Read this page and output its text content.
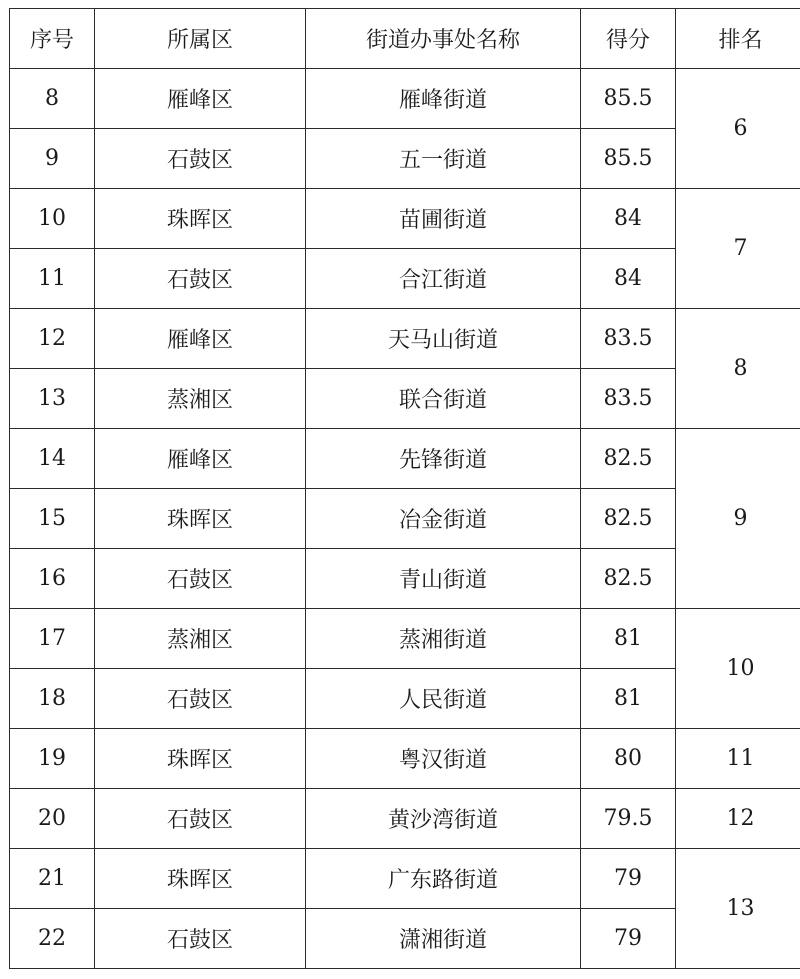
序号	所属区	街道办事处名称	得分	排名
8	雁峰区	雁峰街道	85.5	6
9	石鼓区	五一街道	85.5	
10	珠晖区	苗圃街道	84	7
11	石鼓区	合江街道	84	
12	雁峰区	天马山街道	83.5	8
13	蒸湘区	联合街道	83.5	
14	雁峰区	先锋街道	82.5	9
15	珠晖区	冶金街道	82.5	
16	石鼓区	青山街道	82.5	
17	蒸湘区	蒸湘街道	81	10
18	石鼓区	人民街道	81	
19	珠晖区	粤汉街道	80	11
20	石鼓区	黄沙湾街道	79.5	12
21	珠晖区	广东路街道	79	13
22	石鼓区	潇湘街道	79	
